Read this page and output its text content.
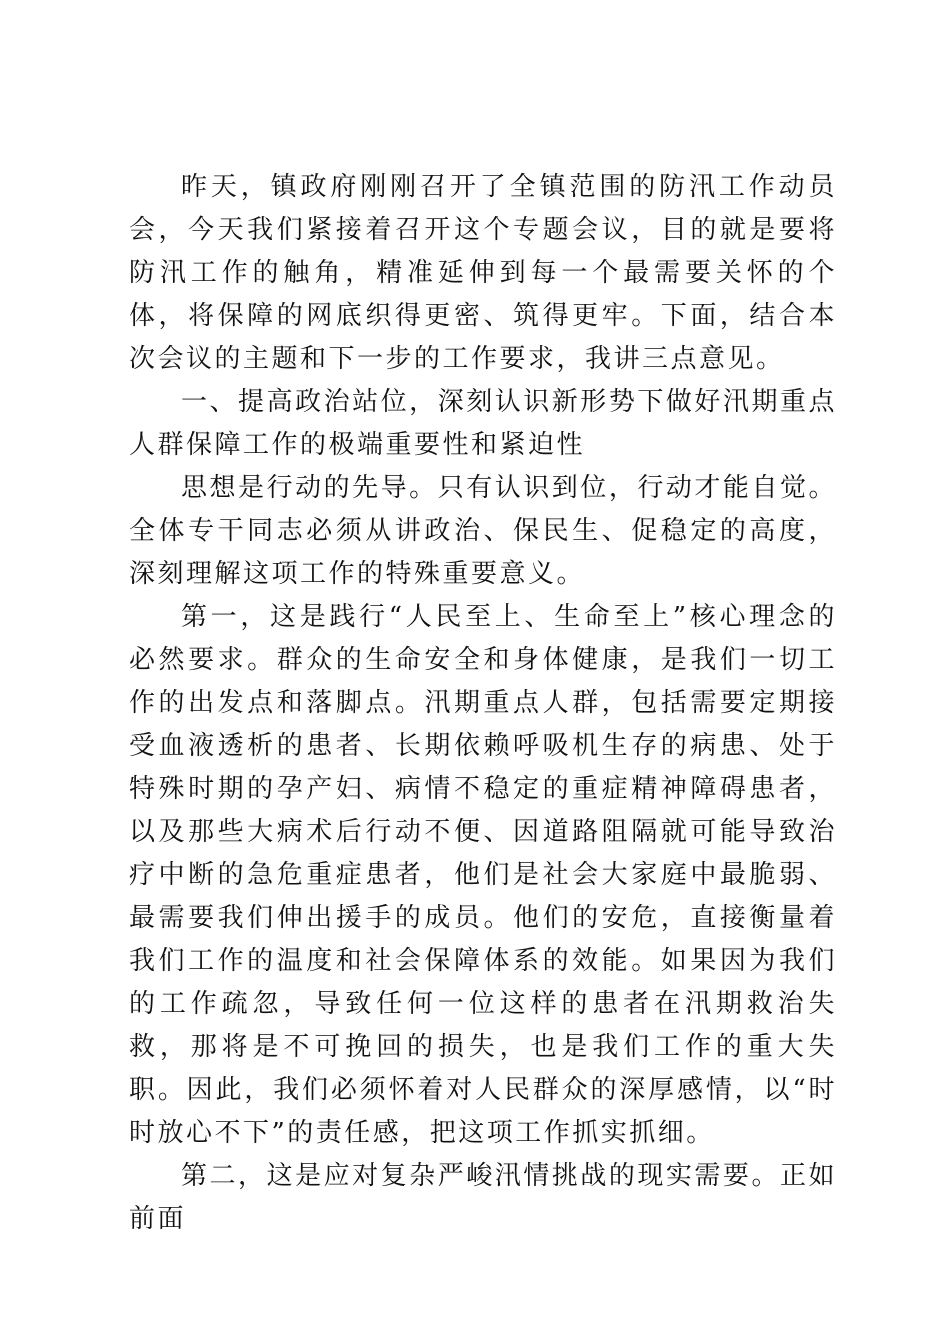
昨天，镇政府刚刚召开了全镇范围的防汛工作动员会，今天我们紧接着召开这个专题会议，目的就是要将防汛工作的触角，精准延伸到每一个最需要关怀的个体，将保障的网底织得更密、筑得更牢。下面，结合本次会议的主题和下一步的工作要求，我讲三点意见。

一、提高政治站位，深刻认识新形势下做好汛期重点人群保障工作的极端重要性和紧迫性

思想是行动的先导。只有认识到位，行动才能自觉。全体专干同志必须从讲政治、保民生、促稳定的高度，深刻理解这项工作的特殊重要意义。

第一，这是践行“人民至上、生命至上”核心理念的必然要求。群众的生命安全和身体健康，是我们一切工作的出发点和落脚点。汛期重点人群，包括需要定期接受血液透析的患者、长期依赖呼吸机生存的病患、处于特殊时期的孕产妇、病情不稳定的重症精神障碍患者，以及那些大病术后行动不便、因道路阻隔就可能导致治疗中断的急危重症患者，他们是社会大家庭中最脆弱、最需要我们伸出援手的成员。他们的安危，直接衡量着我们工作的温度和社会保障体系的效能。如果因为我们的工作疏忽，导致任何一位这样的患者在汛期救治失救，那将是不可挽回的损失，也是我们工作的重大失职。因此，我们必须怀着对人民群众的深厚感情，以“时时放心不下”的责任感，把这项工作抓实抓细。

第二，这是应对复杂严峻汛情挑战的现实需要。正如前面
